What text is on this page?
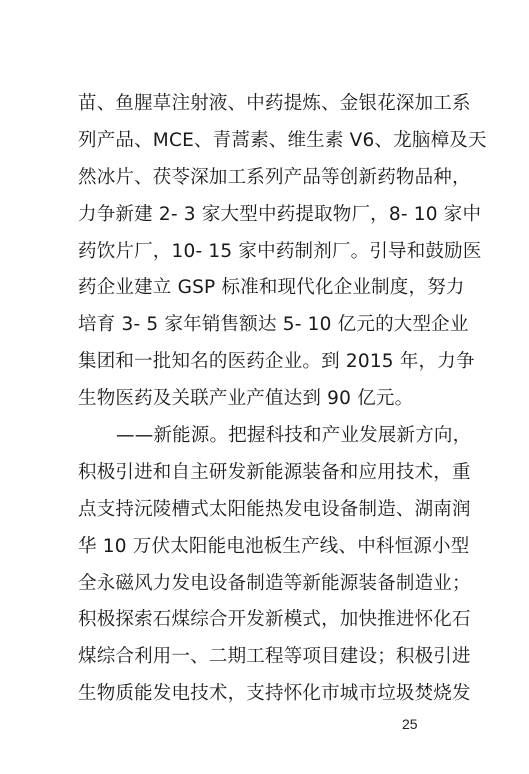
苗、鱼腥草注射液、中药提炼、金银花深加工系
列产品、MCE、青蒿素、维生素 V6、龙脑樟及天
然冰片、茯苓深加工系列产品等创新药物品种，
力争新建 2- 3 家大型中药提取物厂，8- 10 家中
药饮片厂，10- 15 家中药制剂厂。引导和鼓励医
药企业建立 GSP 标准和现代化企业制度，努力
培育 3- 5 家年销售额达 5- 10 亿元的大型企业
集团和一批知名的医药企业。到 2015 年，力争
生物医药及关联产业产值达到 90 亿元。
——新能源。把握科技和产业发展新方向，
积极引进和自主研发新能源装备和应用技术，重
点支持沅陵槽式太阳能热发电设备制造、湖南润
华 10 万伏太阳能电池板生产线、中科恒源小型
全永磁风力发电设备制造等新能源装备制造业；
积极探索石煤综合开发新模式，加快推进怀化石
煤综合利用一、二期工程等项目建设；积极引进
生物质能发电技术，支持怀化市城市垃圾焚烧发
25
